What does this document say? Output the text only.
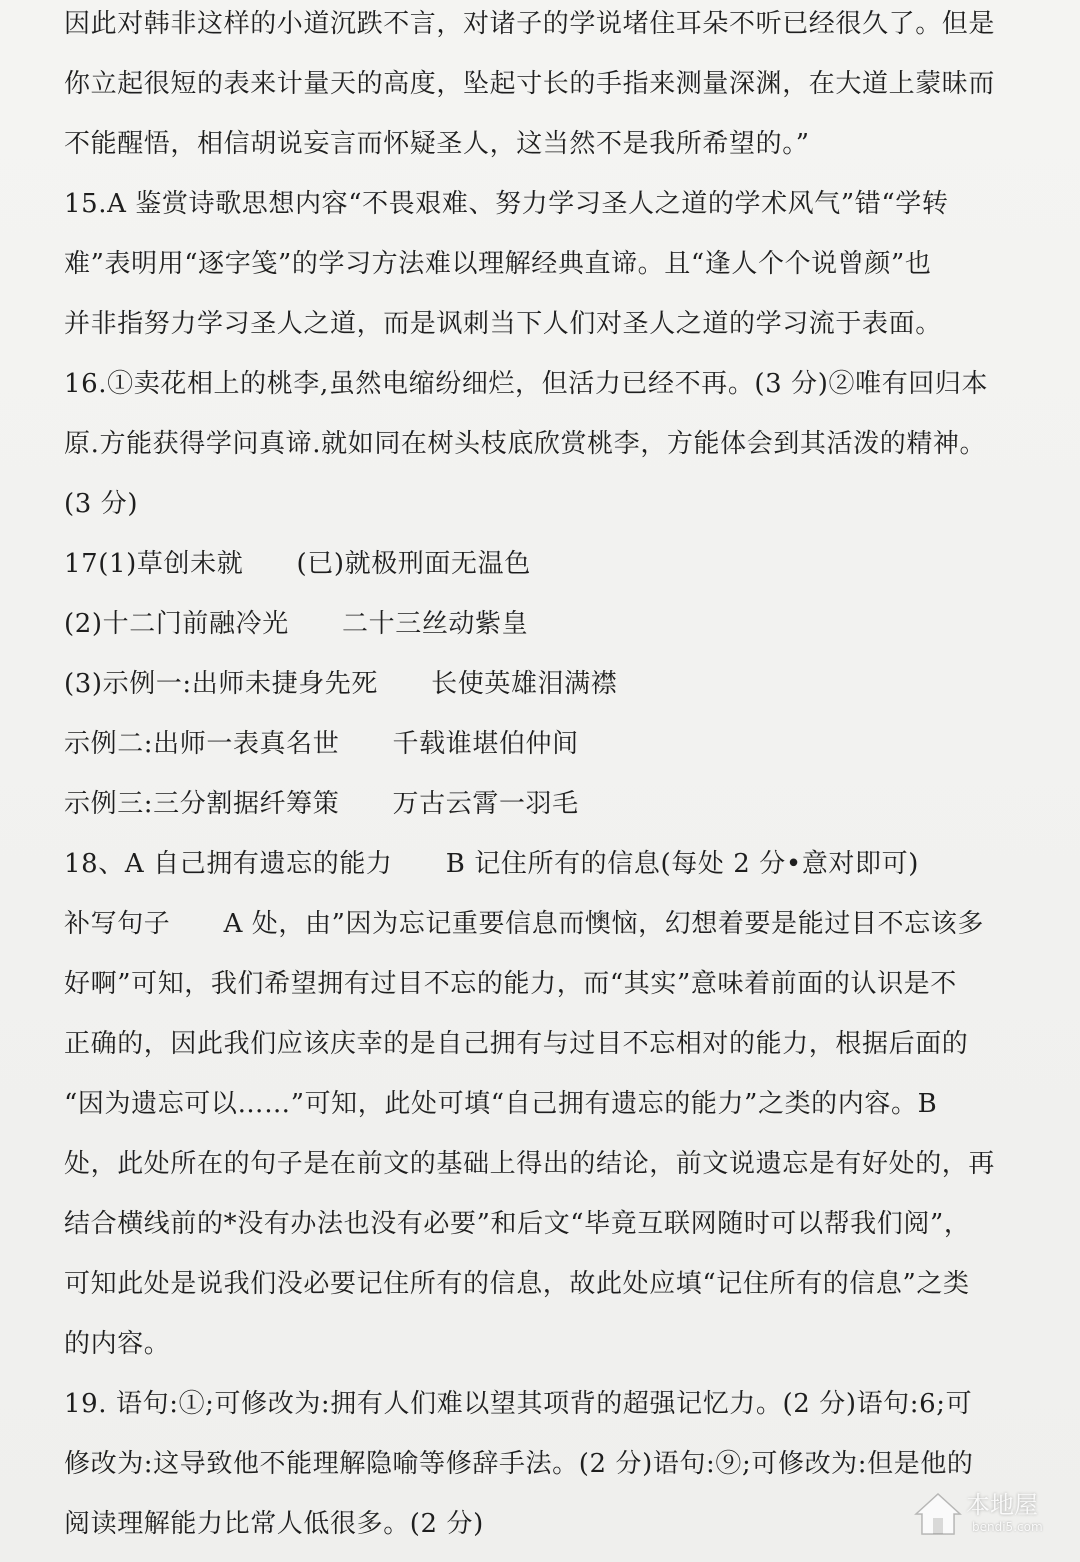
因此对韩非这样的小道沉跌不言，对诸子的学说堵住耳朵不听已经很久了。但是
你立起很短的表来计量天的高度，坠起寸长的手指来测量深渊，在大道上蒙昧而
不能醒悟，相信胡说妄言而怀疑圣人，这当然不是我所希望的。”
15.A 鉴赏诗歌思想内容“不畏艰难、努力学习圣人之道的学术风气”错“学转
难”表明用“逐字笺”的学习方法难以理解经典直谛。且“逢人个个说曾颜”也
并非指努力学习圣人之道，而是讽刺当下人们对圣人之道的学习流于表面。
16.①卖花相上的桃李,虽然电缩纷细烂，但活力已经不再。(3 分)②唯有回归本
原.方能获得学问真谛.就如同在树头枝底欣赏桃李，方能体会到其活泼的精神。
(3 分)
17(1)草创未就      (已)就极刑面无温色
(2)十二门前融冷光      二十三丝动紫皇
(3)示例一:出师未捷身先死      长使英雄泪满襟
示例二:出师一表真名世      千载谁堪伯仲间
示例三:三分割据纤筹策      万古云霄一羽毛
18、A 自己拥有遗忘的能力      B 记住所有的信息(每处 2 分•意对即可)
补写句子      A 处，由”因为忘记重要信息而懊恼，幻想着要是能过目不忘该多
好啊”可知，我们希望拥有过目不忘的能力，而“其实”意味着前面的认识是不
正确的，因此我们应该庆幸的是自己拥有与过目不忘相对的能力，根据后面的
“因为遗忘可以……”可知，此处可填“自己拥有遗忘的能力”之类的内容。B
处，此处所在的句子是在前文的基础上得出的结论，前文说遗忘是有好处的，再
结合横线前的*没有办法也没有必要”和后文“毕竟互联网随时可以帮我们阅”，
可知此处是说我们没必要记住所有的信息，故此处应填“记住所有的信息”之类
的内容。
19. 语句:①;可修改为:拥有人们难以望其项背的超强记忆力。(2 分)语句:6;可
修改为:这导致他不能理解隐喻等修辞手法。(2 分)语句:⑨;可修改为:但是他的
阅读理解能力比常人低很多。(2 分)
本地屋
bendi5.com
